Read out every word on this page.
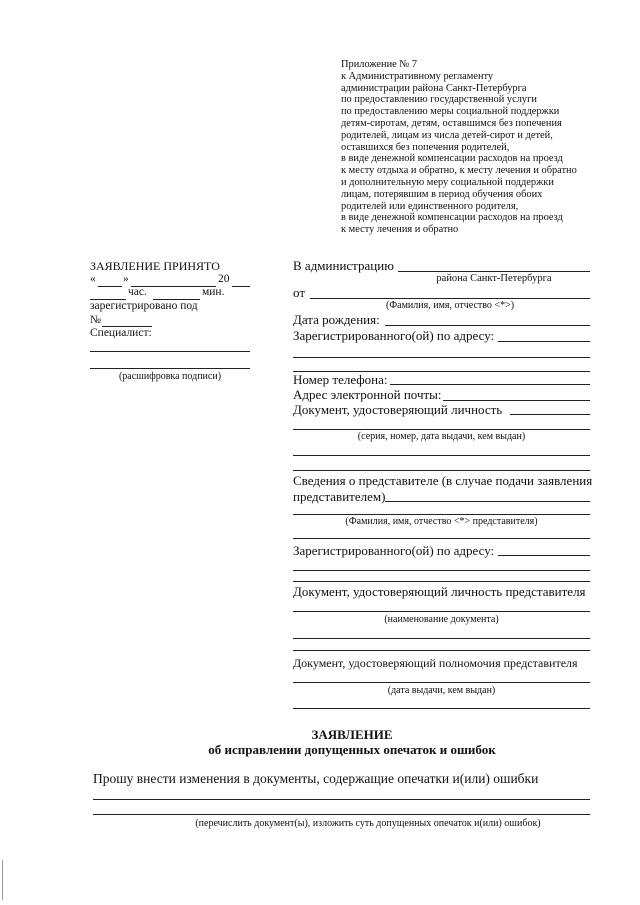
Приложение № 7
к Административному регламенту
администрации района Санкт-Петербурга
по предоставлению государственной услуги
по предоставлению меры социальной поддержки
детям-сиротам, детям, оставшимся без попечения
родителей, лицам из числа детей-сирот и детей,
оставшихся без попечения родителей,
в виде денежной компенсации расходов на проезд
к месту отдыха и обратно, к месту лечения и обратно
и дополнительную меру социальной поддержки
лицам, потерявшим в период обучения обоих
родителей или единственного родителя,
в виде денежной компенсации расходов на проезд
к месту лечения и обратно
ЗАЯВЛЕНИЕ ПРИНЯТО
« »	20
час.	мин.
зарегистрировано под
№
Специалист:
(расшифровка подписи)
В администрацию
района Санкт-Петербурга
от
(Фамилия, имя, отчество <*>)
Дата рождения:
Зарегистрированного(ой) по адресу:
Номер телефона:
Адрес электронной почты:
Документ, удостоверяющий личность
(серия, номер, дата выдачи, кем выдан)
Сведения о представителе (в случае подачи заявления
представителем)
(Фамилия, имя, отчество <*> представителя)
Зарегистрированного(ой) по адресу:
Документ, удостоверяющий личность представителя
(наименование документа)
Документ, удостоверяющий полномочия представителя
(дата выдачи, кем выдан)
ЗАЯВЛЕНИЕ
об исправлении допущенных опечаток и ошибок
Прошу внести изменения в документы, содержащие опечатки и(или) ошибки
(перечислить документ(ы), изложить суть допущенных опечаток и(или) ошибок)
